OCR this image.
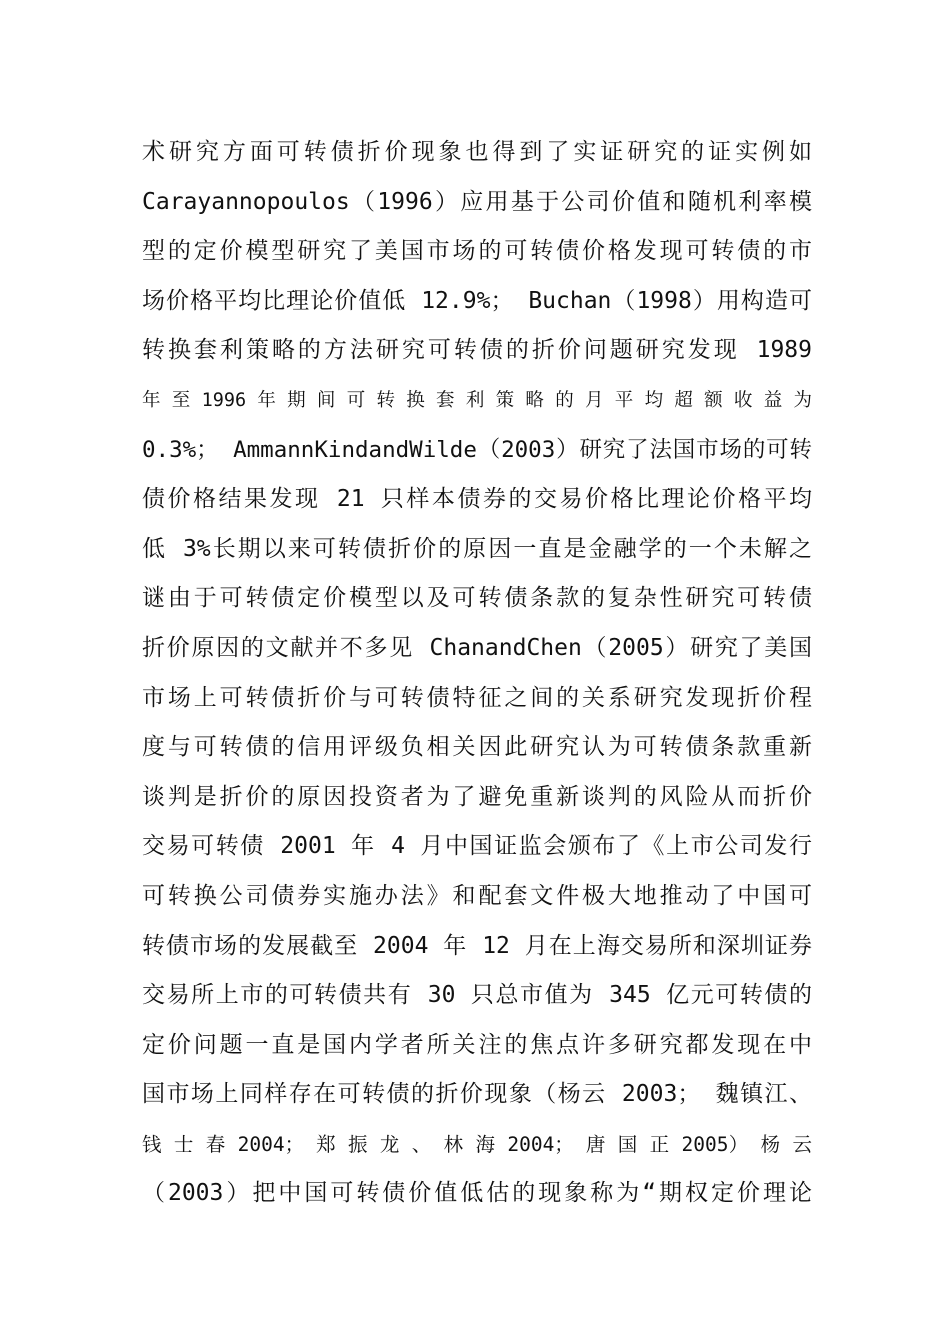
术研究方面可转债折价现象也得到了实证研究的证实例如
Carayannopoulos（1996）应用基于公司价值和随机利率模
型的定价模型研究了美国市场的可转债价格发现可转债的市
场价格平均比理论价值低 12.9%； Buchan（1998）用构造可
转换套利策略的方法研究可转债的折价问题研究发现 1989
年 至 1996 年 期 间 可 转 换 套 利 策 略 的 月 平 均 超 额 收 益 为
0.3%； AmmannKindandWilde（2003）研究了法国市场的可转
债价格结果发现 21 只样本债券的交易价格比理论价格平均
低 3%长期以来可转债折价的原因一直是金融学的一个未解之
谜由于可转债定价模型以及可转债条款的复杂性研究可转债
折价原因的文献并不多见 ChanandChen（2005）研究了美国
市场上可转债折价与可转债特征之间的关系研究发现折价程
度与可转债的信用评级负相关因此研究认为可转债条款重新
谈判是折价的原因投资者为了避免重新谈判的风险从而折价
交易可转债 2001 年 4 月中国证监会颁布了《上市公司发行
可转换公司债券实施办法》和配套文件极大地推动了中国可
转债市场的发展截至 2004 年 12 月在上海交易所和深圳证券
交易所上市的可转债共有 30 只总市值为 345 亿元可转债的
定价问题一直是国内学者所关注的焦点许多研究都发现在中
国市场上同样存在可转债的折价现象（杨云 2003； 魏镇江、
钱 士 春 2004； 郑 振 龙 、 林 海 2004； 唐 国 正 2005） 杨 云
（2003）把中国可转债价值低估的现象称为“期权定价理论
